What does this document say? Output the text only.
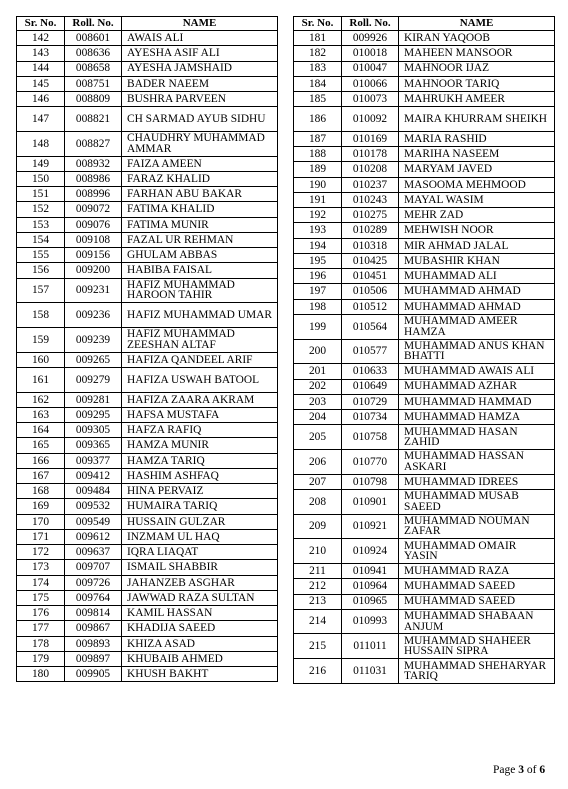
Sr. No.	Roll. No.	NAME
142	008601	AWAIS ALI
143	008636	AYESHA ASIF ALI
144	008658	AYESHA JAMSHAID
145	008751	BADER NAEEM
146	008809	BUSHRA PARVEEN
147	008821	CH SARMAD AYUB SIDHU
148	008827	CHAUDHRY MUHAMMAD AMMAR
149	008932	FAIZA AMEEN
150	008986	FARAZ KHALID
151	008996	FARHAN ABU BAKAR
152	009072	FATIMA KHALID
153	009076	FATIMA MUNIR
154	009108	FAZAL UR REHMAN
155	009156	GHULAM ABBAS
156	009200	HABIBA FAISAL
157	009231	HAFIZ MUHAMMAD HAROON TAHIR
158	009236	HAFIZ MUHAMMAD UMAR
159	009239	HAFIZ MUHAMMAD ZEESHAN ALTAF
160	009265	HAFIZA QANDEEL ARIF
161	009279	HAFIZA USWAH BATOOL
162	009281	HAFIZA ZAARA AKRAM
163	009295	HAFSA MUSTAFA
164	009305	HAFZA RAFIQ
165	009365	HAMZA MUNIR
166	009377	HAMZA TARIQ
167	009412	HASHIM ASHFAQ
168	009484	HINA PERVAIZ
169	009532	HUMAIRA TARIQ
170	009549	HUSSAIN GULZAR
171	009612	INZMAM UL HAQ
172	009637	IQRA LIAQAT
173	009707	ISMAIL SHABBIR
174	009726	JAHANZEB ASGHAR
175	009764	JAWWAD RAZA SULTAN
176	009814	KAMIL HASSAN
177	009867	KHADIJA SAEED
178	009893	KHIZA ASAD
179	009897	KHUBAIB AHMED
180	009905	KHUSH BAKHT
Sr. No.	Roll. No.	NAME
181	009926	KIRAN YAQOOB
182	010018	MAHEEN MANSOOR
183	010047	MAHNOOR IJAZ
184	010066	MAHNOOR TARIQ
185	010073	MAHRUKH AMEER
186	010092	MAIRA KHURRAM SHEIKH
187	010169	MARIA RASHID
188	010178	MARIHA NASEEM
189	010208	MARYAM JAVED
190	010237	MASOOMA MEHMOOD
191	010243	MAYAL WASIM
192	010275	MEHR ZAD
193	010289	MEHWISH NOOR
194	010318	MIR AHMAD JALAL
195	010425	MUBASHIR KHAN
196	010451	MUHAMMAD ALI
197	010506	MUHAMMAD AHMAD
198	010512	MUHAMMAD AHMAD
199	010564	MUHAMMAD AMEER HAMZA
200	010577	MUHAMMAD ANUS KHAN BHATTI
201	010633	MUHAMMAD AWAIS ALI
202	010649	MUHAMMAD AZHAR
203	010729	MUHAMMAD HAMMAD
204	010734	MUHAMMAD HAMZA
205	010758	MUHAMMAD HASAN ZAHID
206	010770	MUHAMMAD HASSAN ASKARI
207	010798	MUHAMMAD IDREES
208	010901	MUHAMMAD MUSAB SAEED
209	010921	MUHAMMAD NOUMAN ZAFAR
210	010924	MUHAMMAD OMAIR YASIN
211	010941	MUHAMMAD RAZA
212	010964	MUHAMMAD SAEED
213	010965	MUHAMMAD SAEED
214	010993	MUHAMMAD SHABAAN ANJUM
215	011011	MUHAMMAD SHAHEER HUSSAIN SIPRA
216	011031	MUHAMMAD SHEHARYAR TARIQ
Page 3 of 6
